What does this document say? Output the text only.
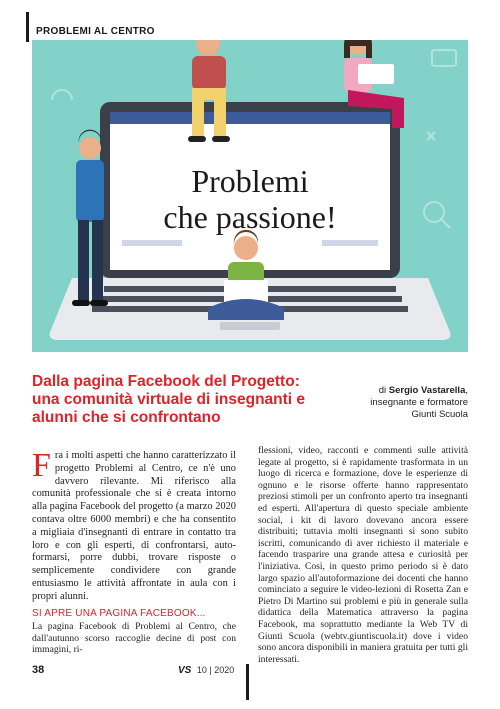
PROBLEMI AL CENTRO
Problemi
che passione!
Dalla pagina Facebook del Progetto: una comunità virtuale di insegnanti e alunni che si confrontano
di Sergio Vastarella,
insegnante e formatore
Giunti Scuola
Fra i molti aspetti che hanno caratterizzato il progetto Problemi al Centro, ce n'è uno davvero rilevante. Mi riferisco alla comunità professionale che si è creata intorno alla pagina Facebook del progetto (a marzo 2020 contava oltre 6000 membri) e che ha consentito a migliaia d'insegnanti di entrare in contatto tra loro e con gli esperti, di confrontarsi, auto-formarsi, porre dubbi, trovare risposte o semplicemente condividere con grande entusiasmo le attività affrontate in aula con i propri alunni.
SI APRE UNA PAGINA FACEBOOK...
La pagina Facebook di Problemi al Centro, che dall'autunno scorso raccoglie decine di post con immagini, ri-
flessioni, video, racconti e commenti sulle attività legate al progetto, si è rapidamente trasformata in un luogo di ricerca e formazione, dove le esperienze di ognuno e le risorse offerte hanno rappresentato preziosi stimoli per un confronto aperto tra insegnanti ed esperti. All'apertura di questo speciale ambiente social, i kit di lavoro dovevano ancora essere distribuiti; tuttavia molti insegnanti si sono subito iscritti, comunicando di aver richiesto il materiale e facendo trasparire una grande attesa e curiosità per l'iniziativa. Così, in questo primo periodo si è dato largo spazio all'autoformazione dei docenti che hanno cominciato a seguire le video-lezioni di Rosetta Zan e Pietro Di Martino sui problemi e più in generale sulla didattica della Matematica attraverso la pagina Facebook, ma soprattutto mediante la Web TV di Giunti Scuola (webtv.giuntiscuola.it) dove i video sono ancora disponibili in maniera gratuita per tutti gli interessati.
38	VS 10 | 2020
